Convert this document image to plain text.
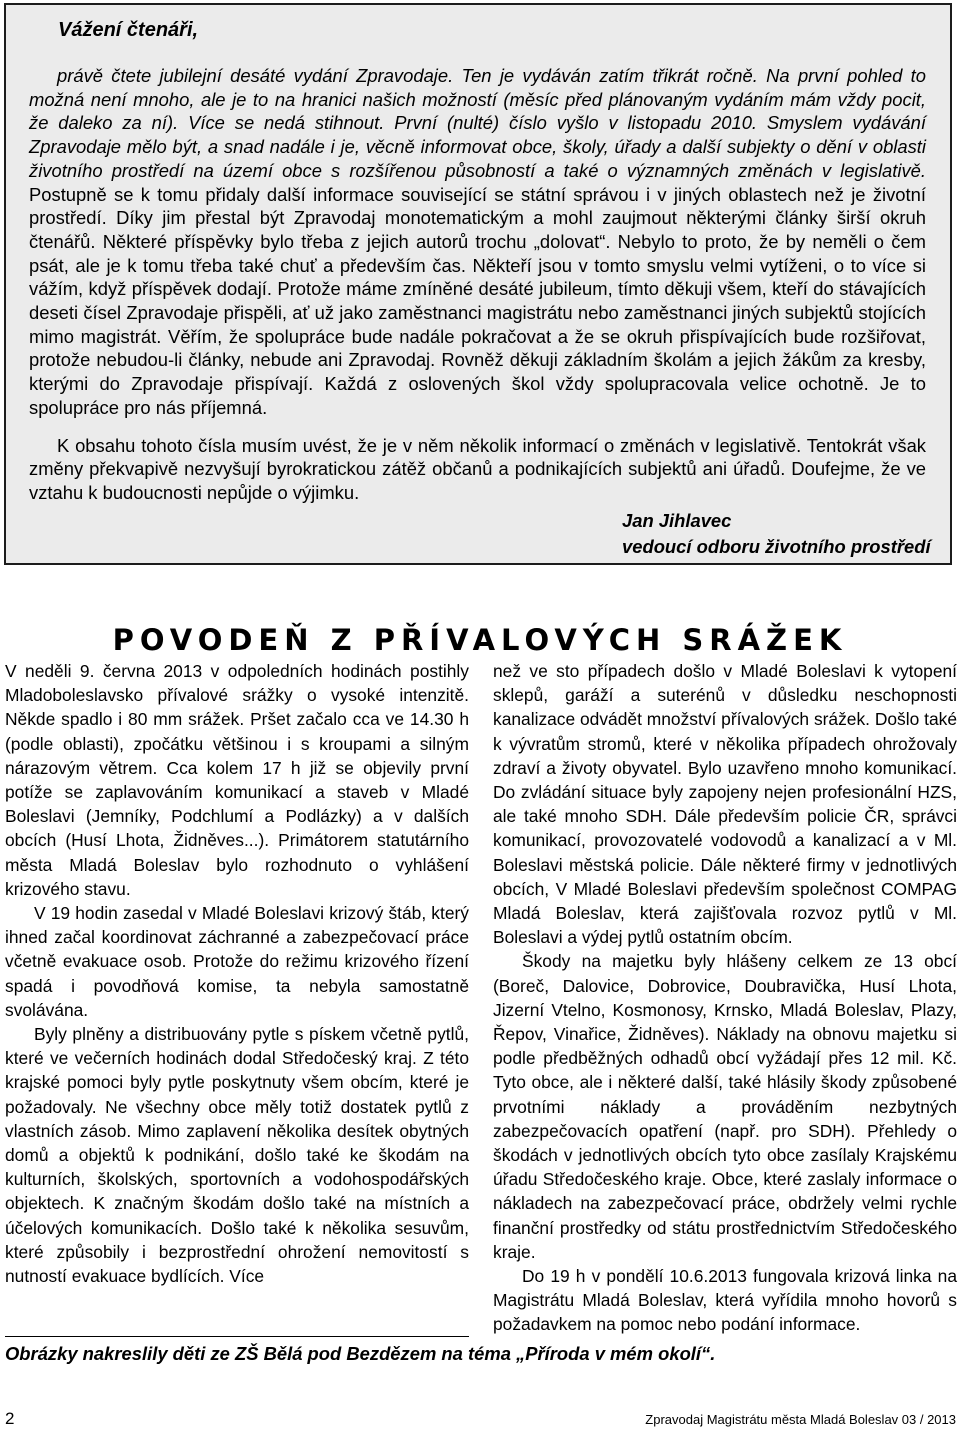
Vážení čtenáři,

právě čtete jubilejní desáté vydání Zpravodaje. Ten je vydáván zatím třikrát ročně. Na první pohled to možná není mnoho, ale je to na hranici našich možností (měsíc před plánovaným vydáním mám vždy pocit, že daleko za ní). Více se nedá stihnout. První (nulté) číslo vyšlo v listopadu 2010. Smyslem vydávání Zpravodaje mělo být, a snad nadále i je, věcně informovat obce, školy, úřady a další subjekty o dění v oblasti životního prostředí na území obce s rozšířenou působností a také o významných změnách v legislativě. Postupně se k tomu přidaly další informace související se státní správou i v jiných oblastech než je životní prostředí. Díky jim přestal být Zpravodaj monotematickým a mohl zaujmout některými články širší okruh čtenářů. Některé příspěvky bylo třeba z jejich autorů trochu „dolovat“. Nebylo to proto, že by neměli o čem psát, ale je k tomu třeba také chuť a především čas. Někteří jsou v tomto smyslu velmi vytíženi, o to více si vážím, když příspěvek dodají. Protože máme zmíněné desáté jubileum, tímto děkuji všem, kteří do stávajících deseti čísel Zpravodaje přispěli, ať už jako zaměstnanci magistrátu nebo zaměstnanci jiných subjektů stojících mimo magistrát. Věřím, že spolupráce bude nadále pokračovat a že se okruh přispívajících bude rozšiřovat, protože nebudou-li články, nebude ani Zpravodaj. Rovněž děkuji základním školám a jejich žákům za kresby, kterými do Zpravodaje přispívají. Každá z oslovených škol vždy spolupracovala velice ochotně. Je to spolupráce pro nás příjemná.

K obsahu tohoto čísla musím uvést, že je v něm několik informací o změnách v legislativě. Tentokrát však změny překvapivě nezvyšují byrokratickou zátěž občanů a podnikajících subjektů ani úřadů. Doufejme, že ve vztahu k budoucnosti nepůjde o výjimku.

Jan Jihlavec
vedoucí odboru životního prostředí
POVODEŇ Z PŘÍVALOVÝCH SRÁŽEK

V neděli 9. června 2013 v odpoledních hodinách postihly Mladoboleslavsko přívalové srážky o vysoké intenzitě. Někde spadlo i 80 mm srážek. Pršet začalo cca ve 14.30 h (podle oblasti), zpočátku většinou i s kroupami a silným nárazovým větrem. Cca kolem 17 h již se objevily první potíže se zaplavováním komunikací a staveb v Mladé Boleslavi (Jemníky, Podchlumí a Podlázky) a v dalších obcích (Husí Lhota, Židněves...). Primátorem statutárního města Mladá Boleslav bylo rozhodnuto o vyhlášení krizového stavu.

V 19 hodin zasedal v Mladé Boleslavi krizový štáb, který ihned začal koordinovat záchranné a zabezpečovací práce včetně evakuace osob. Protože do režimu krizového řízení spadá i povodňová komise, ta nebyla samostatně svolávána.

Byly plněny a distribuovány pytle s pískem včetně pytlů, které ve večerních hodinách dodal Středočeský kraj. Z této krajské pomoci byly pytle poskytnuty všem obcím, které je požadovaly. Ne všechny obce měly totiž dostatek pytlů z vlastních zásob. Mimo zaplavení několika desítek obytných domů a objektů k podnikání, došlo také ke škodám na kulturních, školských, sportovních a vodohospodářských objektech. K značným škodám došlo také na místních a účelových komunikacích. Došlo také k několika sesuvům, které způsobily i bezprostřední ohrožení nemovitostí s nutností evakuace bydlících. Více

než ve sto případech došlo v Mladé Boleslavi k vytopení sklepů, garáží a suterénů v důsledku neschopnosti kanalizace odvádět množství přívalových srážek. Došlo také k vývratům stromů, které v několika případech ohrožovaly zdraví a životy obyvatel. Bylo uzavřeno mnoho komunikací. Do zvládání situace byly zapojeny nejen profesionální HZS, ale také mnoho SDH. Dále především policie ČR, správci komunikací, provozovatelé vodovodů a kanalizací a v Ml. Boleslavi městská policie. Dále některé firmy v jednotlivých obcích, V Mladé Boleslavi především společnost COMPAG Mladá Boleslav, která zajišťovala rozvoz pytlů v Ml. Boleslavi a výdej pytlů ostatním obcím.

Škody na majetku byly hlášeny celkem ze 13 obcí (Boreč, Dalovice, Dobrovice, Doubravička, Husí Lhota, Jizerní Vtelno, Kosmonosy, Krnsko, Mladá Boleslav, Plazy, Řepov, Vinařice, Židněves). Náklady na obnovu majetku si podle předběžných odhadů obcí vyžádají přes 12 mil. Kč. Tyto obce, ale i některé další, také hlásily škody způsobené prvotními náklady a prováděním nezbytných zabezpečovacích opatření (např. pro SDH). Přehledy o škodách v jednotlivých obcích tyto obce zasílaly Krajskému úřadu Středočeského kraje. Obce, které zaslaly informace o nákladech na zabezpečovací práce, obdržely velmi rychle finanční prostředky od státu prostřednictvím Středočeského kraje.

Do 19 h v pondělí 10.6.2013 fungovala krizová linka na Magistrátu Mladá Boleslav, která vyřídila mnoho hovorů s požadavkem na pomoc nebo podání informace.

Obrázky nakreslily děti ze ZŠ Bělá pod Bezdězem na téma „Příroda v mém okolí“.
2	Zpravodaj Magistrátu města Mladá Boleslav 03 / 2013
